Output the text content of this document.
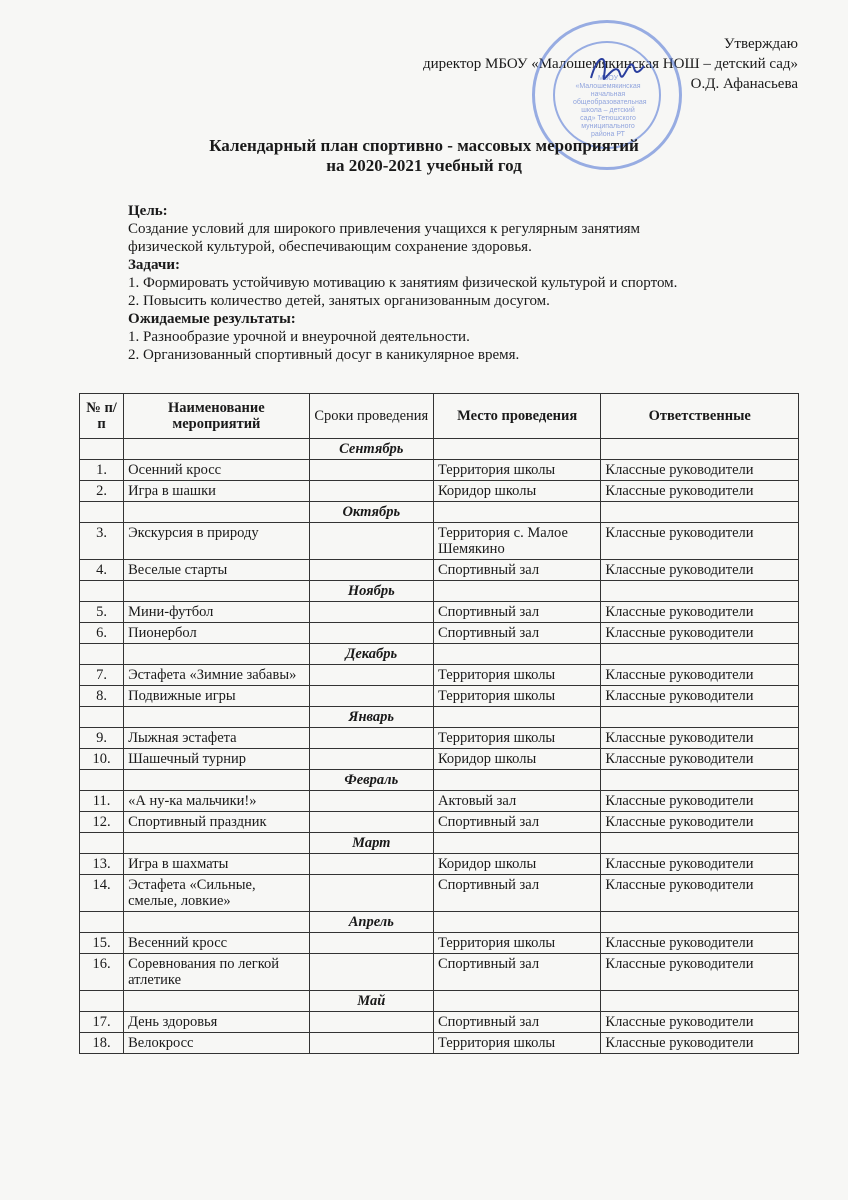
Утверждаю
директор МБОУ «Малошемякинская НОШ – детский сад»
О.Д. Афанасьева
МБОУ «Малошемякинская начальная общеобразовательная школа – детский сад» Тетюшского муниципального района РТ
Календарный план спортивно - массовых мероприятий
на 2020-2021 учебный год
Цель:
Создание условий для широкого привлечения учащихся к регулярным занятиям
физической культурой, обеспечивающим сохранение здоровья.
Задачи:
1. Формировать устойчивую мотивацию к занятиям физической культурой и спортом.
2. Повысить количество детей, занятых организованным досугом.
Ожидаемые результаты:
1. Разнообразие урочной и внеурочной деятельности.
2. Организованный спортивный досуг в каникулярное время.
№ п/п	Наименование мероприятий	Сроки проведения	Место проведения	Ответственные
		Сентябрь		
1.	Осенний кросс		Территория школы	Классные руководители
2.	Игра в шашки		Коридор школы	Классные руководители
		Октябрь		
3.	Экскурсия в природу		Территория с. Малое Шемякино	Классные руководители
4.	Веселые старты		Спортивный зал	Классные руководители
		Ноябрь		
5.	Мини-футбол		Спортивный зал	Классные руководители
6.	Пионербол		Спортивный зал	Классные руководители
		Декабрь		
7.	Эстафета «Зимние забавы»		Территория школы	Классные руководители
8.	Подвижные игры		Территория школы	Классные руководители
		Январь		
9.	Лыжная эстафета		Территория школы	Классные руководители
10.	Шашечный турнир		Коридор школы	Классные руководители
		Февраль		
11.	«А ну-ка мальчики!»		Актовый зал	Классные руководители
12.	Спортивный праздник		Спортивный зал	Классные руководители
		Март		
13.	Игра в шахматы		Коридор школы	Классные руководители
14.	Эстафета «Сильные, смелые, ловкие»		Спортивный зал	Классные руководители
		Апрель		
15.	Весенний кросс		Территория школы	Классные руководители
16.	Соревнования по легкой атлетике		Спортивный зал	Классные руководители
		Май		
17.	День здоровья		Спортивный зал	Классные руководители
18.	Велокросс		Территория школы	Классные руководители
